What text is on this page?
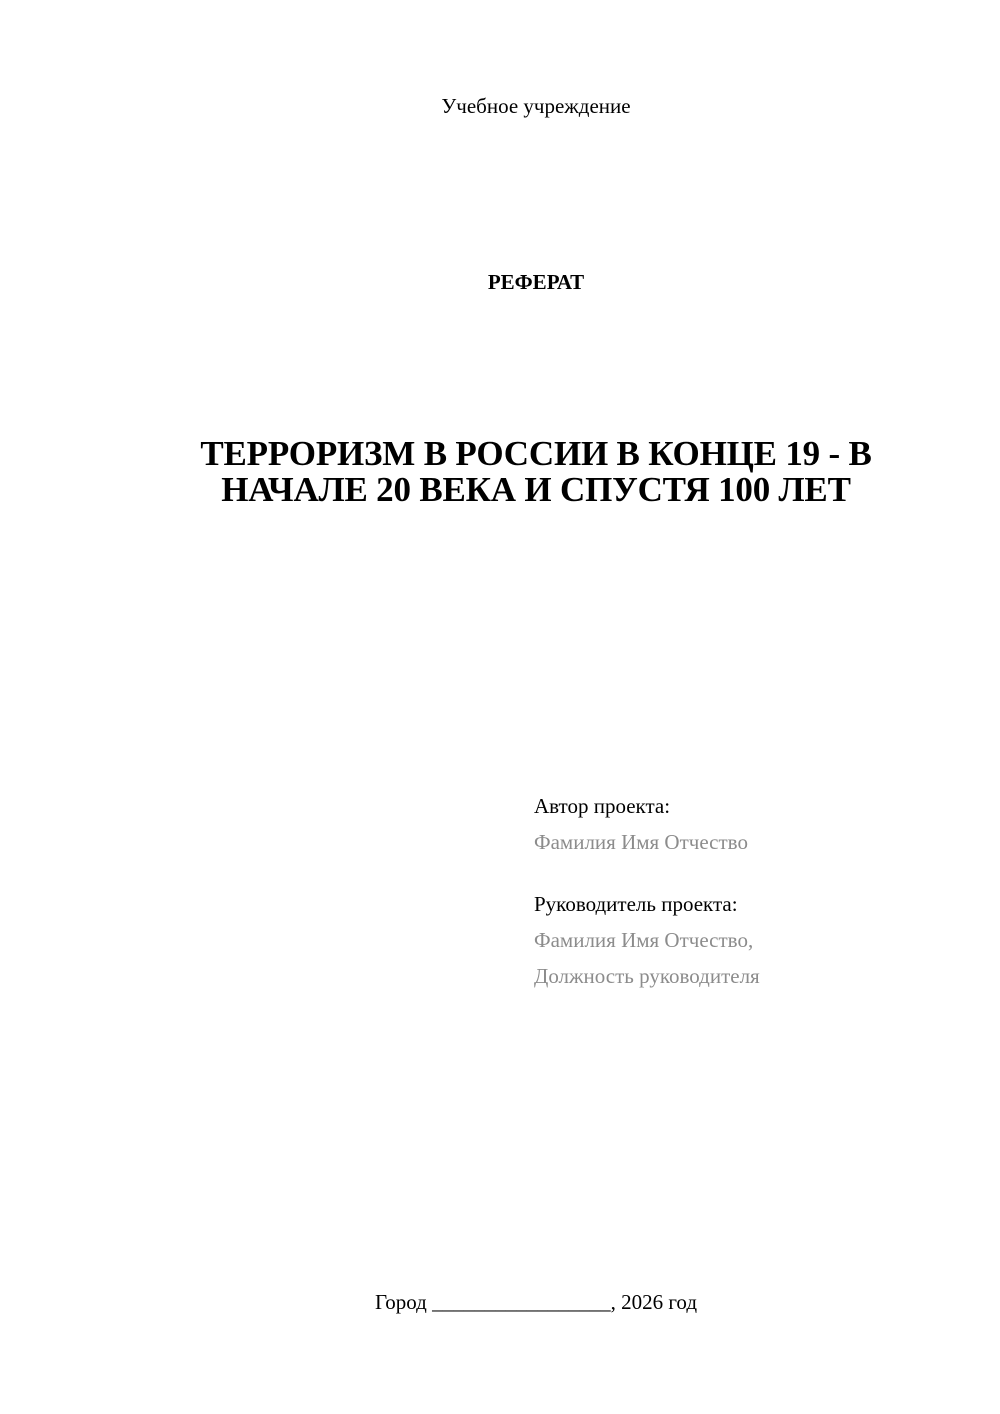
Учебное учреждение
РЕФЕРАТ
ТЕРРОРИЗМ В РОССИИ В КОНЦЕ 19 - В
НАЧАЛЕ 20 ВЕКА И СПУСТЯ 100 ЛЕТ
Автор проекта:
Фамилия Имя Отчество
Руководитель проекта:
Фамилия Имя Отчество,
Должность руководителя
Город _________________, 2026 год
